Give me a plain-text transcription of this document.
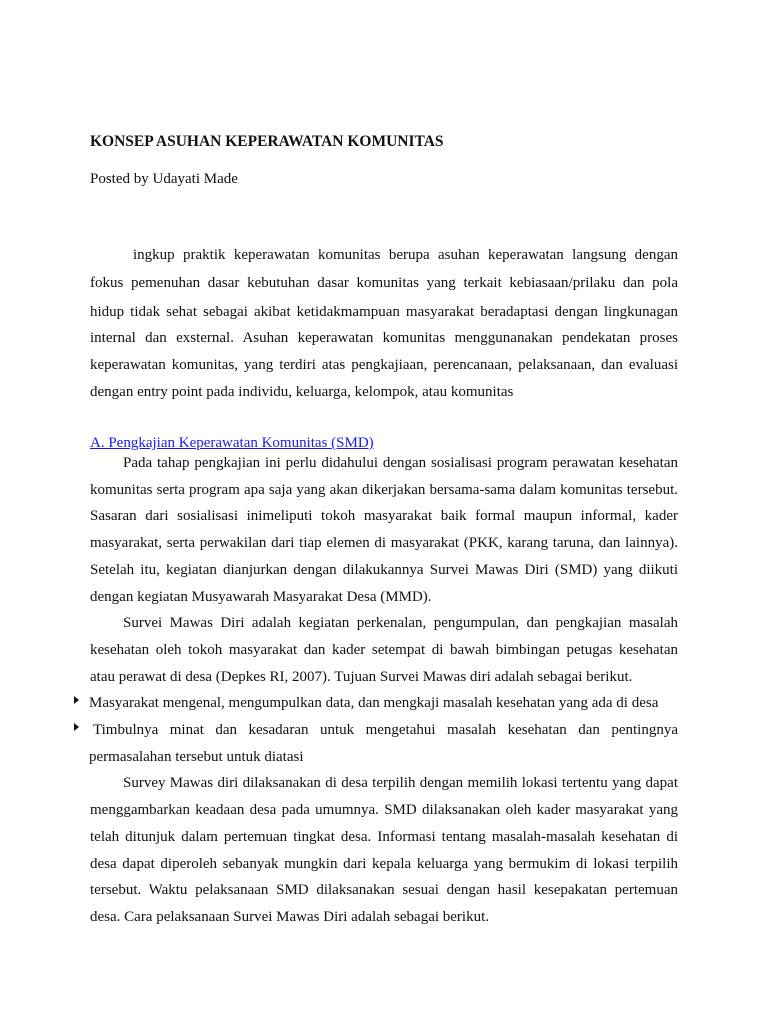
KONSEP ASUHAN KEPERAWATAN KOMUNITAS
Posted by Udayati Made
ingkup praktik keperawatan komunitas berupa asuhan keperawatan langsung dengan
fokus pemenuhan dasar kebutuhan dasar komunitas yang terkait kebiasaan/prilaku dan pola
hidup tidak sehat sebagai akibat ketidakmampuan masyarakat beradaptasi dengan lingkunagan
internal dan exsternal. Asuhan keperawatan komunitas menggunanakan pendekatan proses
keperawatan komunitas, yang terdiri atas pengkajiaan, perencanaan, pelaksanaan, dan evaluasi
dengan entry point pada individu, keluarga, kelompok, atau komunitas
A. Pengkajian Keperawatan Komunitas (SMD)
Pada tahap pengkajian ini perlu didahului dengan sosialisasi program perawatan kesehatan
komunitas serta program apa saja yang akan dikerjakan bersama-sama dalam komunitas tersebut.
Sasaran dari sosialisasi inimeliputi tokoh masyarakat baik formal maupun informal, kader
masyarakat, serta perwakilan dari tiap elemen di masyarakat (PKK, karang taruna, dan lainnya).
Setelah itu, kegiatan dianjurkan dengan dilakukannya Survei Mawas Diri (SMD) yang diikuti
dengan kegiatan Musyawarah Masyarakat Desa (MMD).
Survei Mawas Diri adalah kegiatan perkenalan, pengumpulan, dan pengkajian masalah
kesehatan oleh tokoh masyarakat dan kader setempat di bawah bimbingan petugas kesehatan
atau perawat di desa (Depkes RI, 2007). Tujuan Survei Mawas diri adalah sebagai berikut.
Masyarakat mengenal, mengumpulkan data, dan mengkaji masalah kesehatan yang ada di desa
Timbulnya minat dan kesadaran untuk mengetahui masalah kesehatan dan pentingnya
permasalahan tersebut untuk diatasi
Survey Mawas diri dilaksanakan di desa terpilih dengan memilih lokasi tertentu yang dapat
menggambarkan keadaan desa pada umumnya. SMD dilaksanakan oleh kader masyarakat yang
telah ditunjuk dalam pertemuan tingkat desa. Informasi tentang masalah-masalah kesehatan di
desa dapat diperoleh sebanyak mungkin dari kepala keluarga yang bermukim di lokasi terpilih
tersebut. Waktu pelaksanaan SMD dilaksanakan sesuai dengan hasil kesepakatan pertemuan
desa. Cara pelaksanaan Survei Mawas Diri adalah sebagai berikut.
